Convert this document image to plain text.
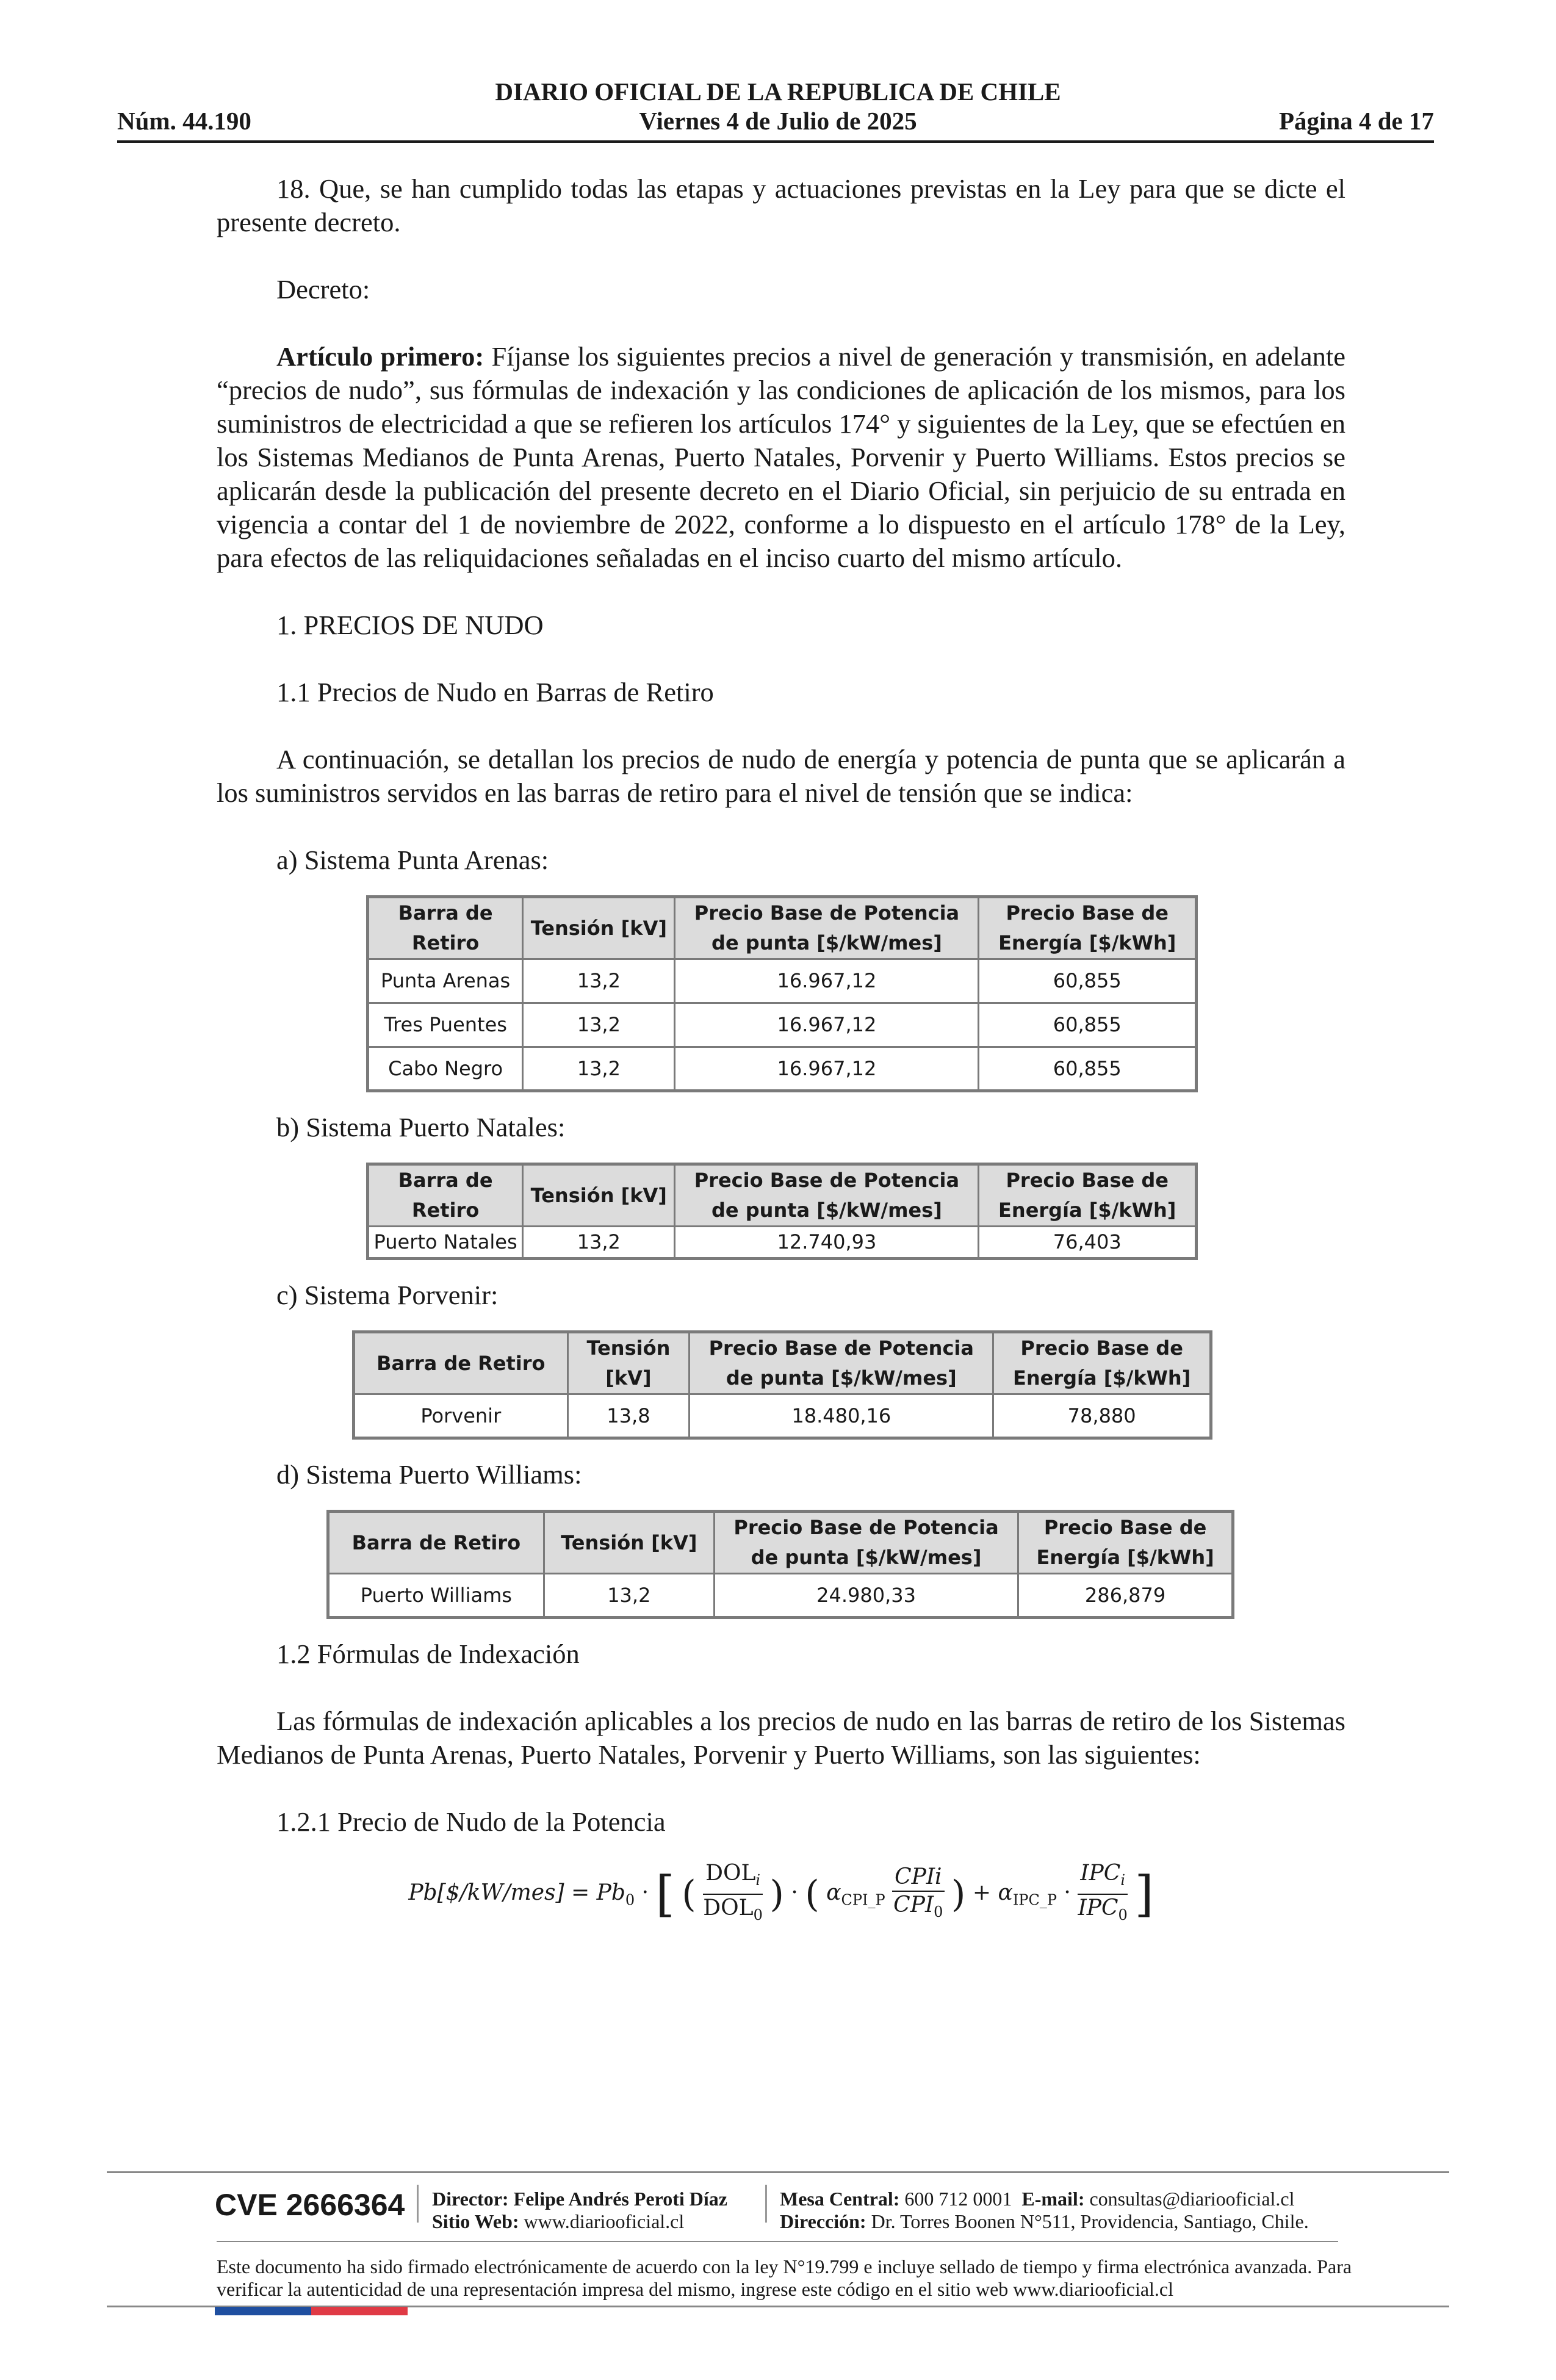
DIARIO OFICIAL DE LA REPUBLICA DE CHILE
Viernes 4 de Julio de 2025
Núm. 44.190	Página 4 de 17

18. Que, se han cumplido todas las etapas y actuaciones previstas en la Ley para que se dicte el presente decreto.

Decreto:

Artículo primero: Fíjanse los siguientes precios a nivel de generación y transmisión, en adelante “precios de nudo”, sus fórmulas de indexación y las condiciones de aplicación de los mismos, para los suministros de electricidad a que se refieren los artículos 174° y siguientes de la Ley, que se efectúen en los Sistemas Medianos de Punta Arenas, Puerto Natales, Porvenir y Puerto Williams. Estos precios se aplicarán desde la publicación del presente decreto en el Diario Oficial, sin perjuicio de su entrada en vigencia a contar del 1 de noviembre de 2022, conforme a lo dispuesto en el artículo 178° de la Ley, para efectos de las reliquidaciones señaladas en el inciso cuarto del mismo artículo.

1. PRECIOS DE NUDO

1.1 Precios de Nudo en Barras de Retiro

A continuación, se detallan los precios de nudo de energía y potencia de punta que se aplicarán a los suministros servidos en las barras de retiro para el nivel de tensión que se indica:

a) Sistema Punta Arenas:

Barra de Retiro	Tensión [kV]	Precio Base de Potencia de punta [$/kW/mes]	Precio Base de Energía [$/kWh]
Punta Arenas	13,2	16.967,12	60,855
Tres Puentes	13,2	16.967,12	60,855
Cabo Negro	13,2	16.967,12	60,855

b) Sistema Puerto Natales:

Barra de Retiro	Tensión [kV]	Precio Base de Potencia de punta [$/kW/mes]	Precio Base de Energía [$/kWh]
Puerto Natales	13,2	12.740,93	76,403

c) Sistema Porvenir:

Barra de Retiro	Tensión [kV]	Precio Base de Potencia de punta [$/kW/mes]	Precio Base de Energía [$/kWh]
Porvenir	13,8	18.480,16	78,880

d) Sistema Puerto Williams:

Barra de Retiro	Tensión [kV]	Precio Base de Potencia de punta [$/kW/mes]	Precio Base de Energía [$/kWh]
Puerto Williams	13,2	24.980,33	286,879

1.2 Fórmulas de Indexación

Las fórmulas de indexación aplicables a los precios de nudo en las barras de retiro de los Sistemas Medianos de Punta Arenas, Puerto Natales, Porvenir y Puerto Williams, son las siguientes:

1.2.1 Precio de Nudo de la Potencia

Pb[$/kW/mes] = $Pb_0$ · [ ( $\frac{DOL_i}{DOL_0}$ ) · ( $\alpha_{CPI\_P} \frac{\text{CPIi}}{CPI_0}$ ) + $\alpha_{IPC\_P} \cdot \frac{IPC_i}{IPC_0}$ ]
CVE 2666364 Director: Felipe Andrés Peroti Díaz
Sitio Web: www.diariooficial.cl
Mesa Central: 600 712 0001 E-mail: consultas@diariooficial.cl
Dirección: Dr. Torres Boonen N°511, Providencia, Santiago, Chile.
Este documento ha sido firmado electrónicamente de acuerdo con la ley N°19.799 e incluye sellado de tiempo y firma electrónica avanzada. Para verificar la autenticidad de una representación impresa del mismo, ingrese este código en el sitio web www.diariooficial.cl
